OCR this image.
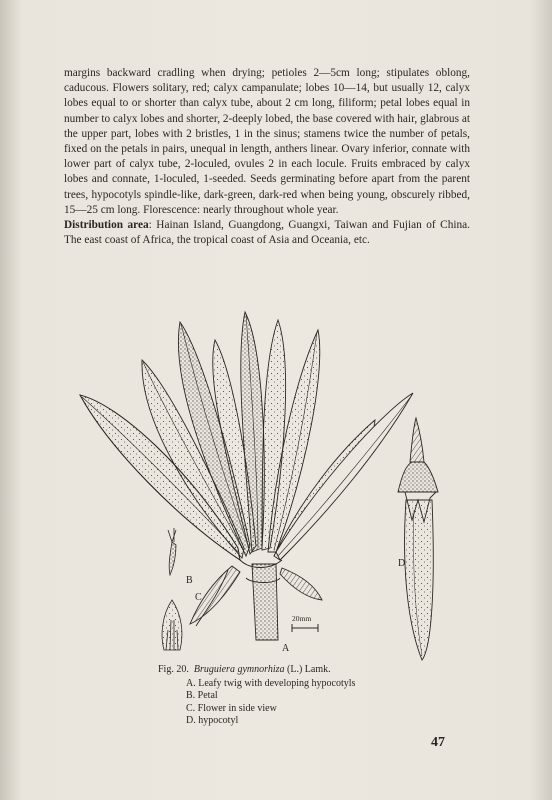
margins backward cradling when drying; petioles 2—5cm long; stipulates oblong, caducous. Flowers solitary, red; calyx campanulate; lobes 10—14, but usually 12, calyx lobes equal to or shorter than calyx tube, about 2 cm long, filiform; petal lobes equal in number to calyx lobes and shorter, 2-deeply lobed, the base covered with hair, glabrous at the upper part, lobes with 2 bristles, 1 in the sinus; stamens twice the number of petals, fixed on the petals in pairs, unequal in length, anthers linear. Ovary inferior, connate with lower part of calyx tube, 2-loculed, ovules 2 in each locule. Fruits embraced by calyx lobes and connate, 1-loculed, 1-seeded. Seeds germinating before apart from the parent trees, hypocotyls spindle-like, dark-green, dark-red when being young, obscurely ribbed, 15—25 cm long. Florescence: nearly throughout whole year.

Distribution area: Hainan Island, Guangdong, Guangxi, Taiwan and Fujian of China. The east coast of Africa, the tropical coast of Asia and Oceania, etc.

20mm
B
C
A
D

Fig. 20. Bruguiera gymnorhiza (L.) Lamk.

A. Leafy twig with developing hypocotyls
B. Petal
C. Flower in side view
D. hypocotyl
47
